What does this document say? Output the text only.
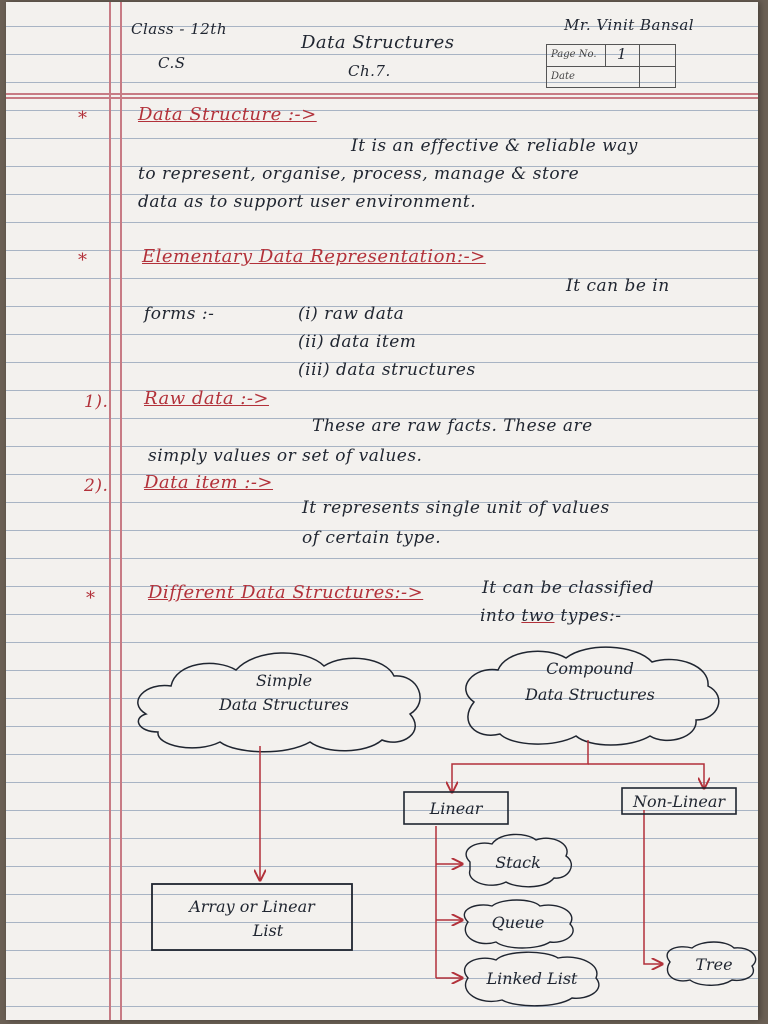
Class - 12th
C.S
Data Structures
Ch.7.
Mr. Vinit Bansal
Page No. 1
Date
*	Data Structure :->
It is an effective & reliable way
to represent, organise, process, manage & store
data as to support user environment.
*	Elementary Data Representation:->
It can be in
forms :-	(i) raw data
(ii) data item
(iii) data structures
1). Raw data :->
These are raw facts. These are
simply values or set of values.
2). Data item :->
It represents single unit of values
of certain type.
*	Different Data Structures:->	It can be classified
into two types:-
Simple
Data Structures
Compound
Data Structures
Linear	Non-Linear
Array or Linear
List
Stack
Queue
Linked List
Tree
